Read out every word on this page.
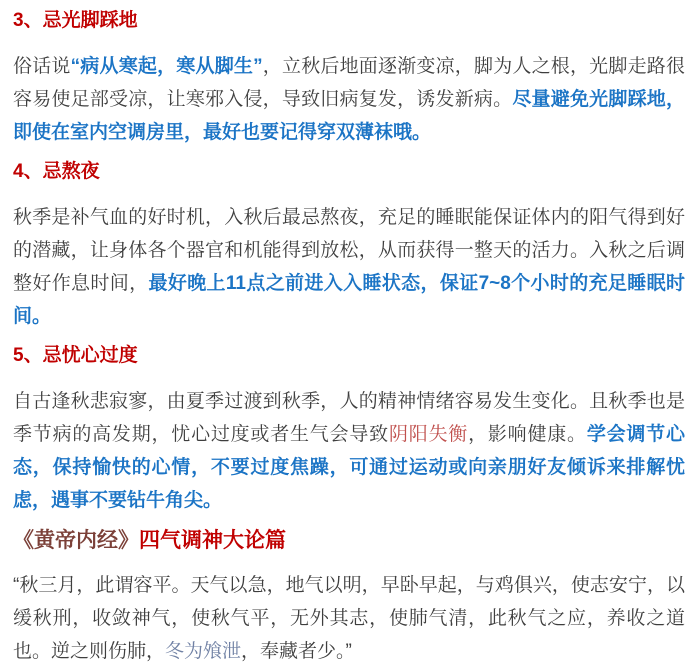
3、忌光脚踩地

俗话说“病从寒起，寒从脚生”，立秋后地面逐渐变凉，脚为人之根，光脚走路很容易使足部受凉，让寒邪入侵，导致旧病复发，诱发新病。尽量避免光脚踩地，即使在室内空调房里，最好也要记得穿双薄袜哦。

4、忌熬夜

秋季是补气血的好时机，入秋后最忌熬夜，充足的睡眠能保证体内的阳气得到好的潜藏，让身体各个器官和机能得到放松，从而获得一整天的活力。入秋之后调整好作息时间，最好晚上11点之前进入入睡状态，保证7~8个小时的充足睡眠时间。

5、忌忧心过度

自古逢秋悲寂寥，由夏季过渡到秋季，人的精神情绪容易发生变化。且秋季也是季节病的高发期，忧心过度或者生气会导致阴阳失衡，影响健康。学会调节心态，保持愉快的心情，不要过度焦躁，可通过运动或向亲朋好友倾诉来排解忧虑，遇事不要钻牛角尖。

《黄帝内经》四气调神大论篇

“秋三月，此谓容平。天气以急，地气以明，早卧早起，与鸡俱兴，使志安宁，以缓秋刑，收敛神气，使秋气平，无外其志，使肺气清，此秋气之应，养收之道也。逆之则伤肺，冬为飧泄，奉藏者少。”
